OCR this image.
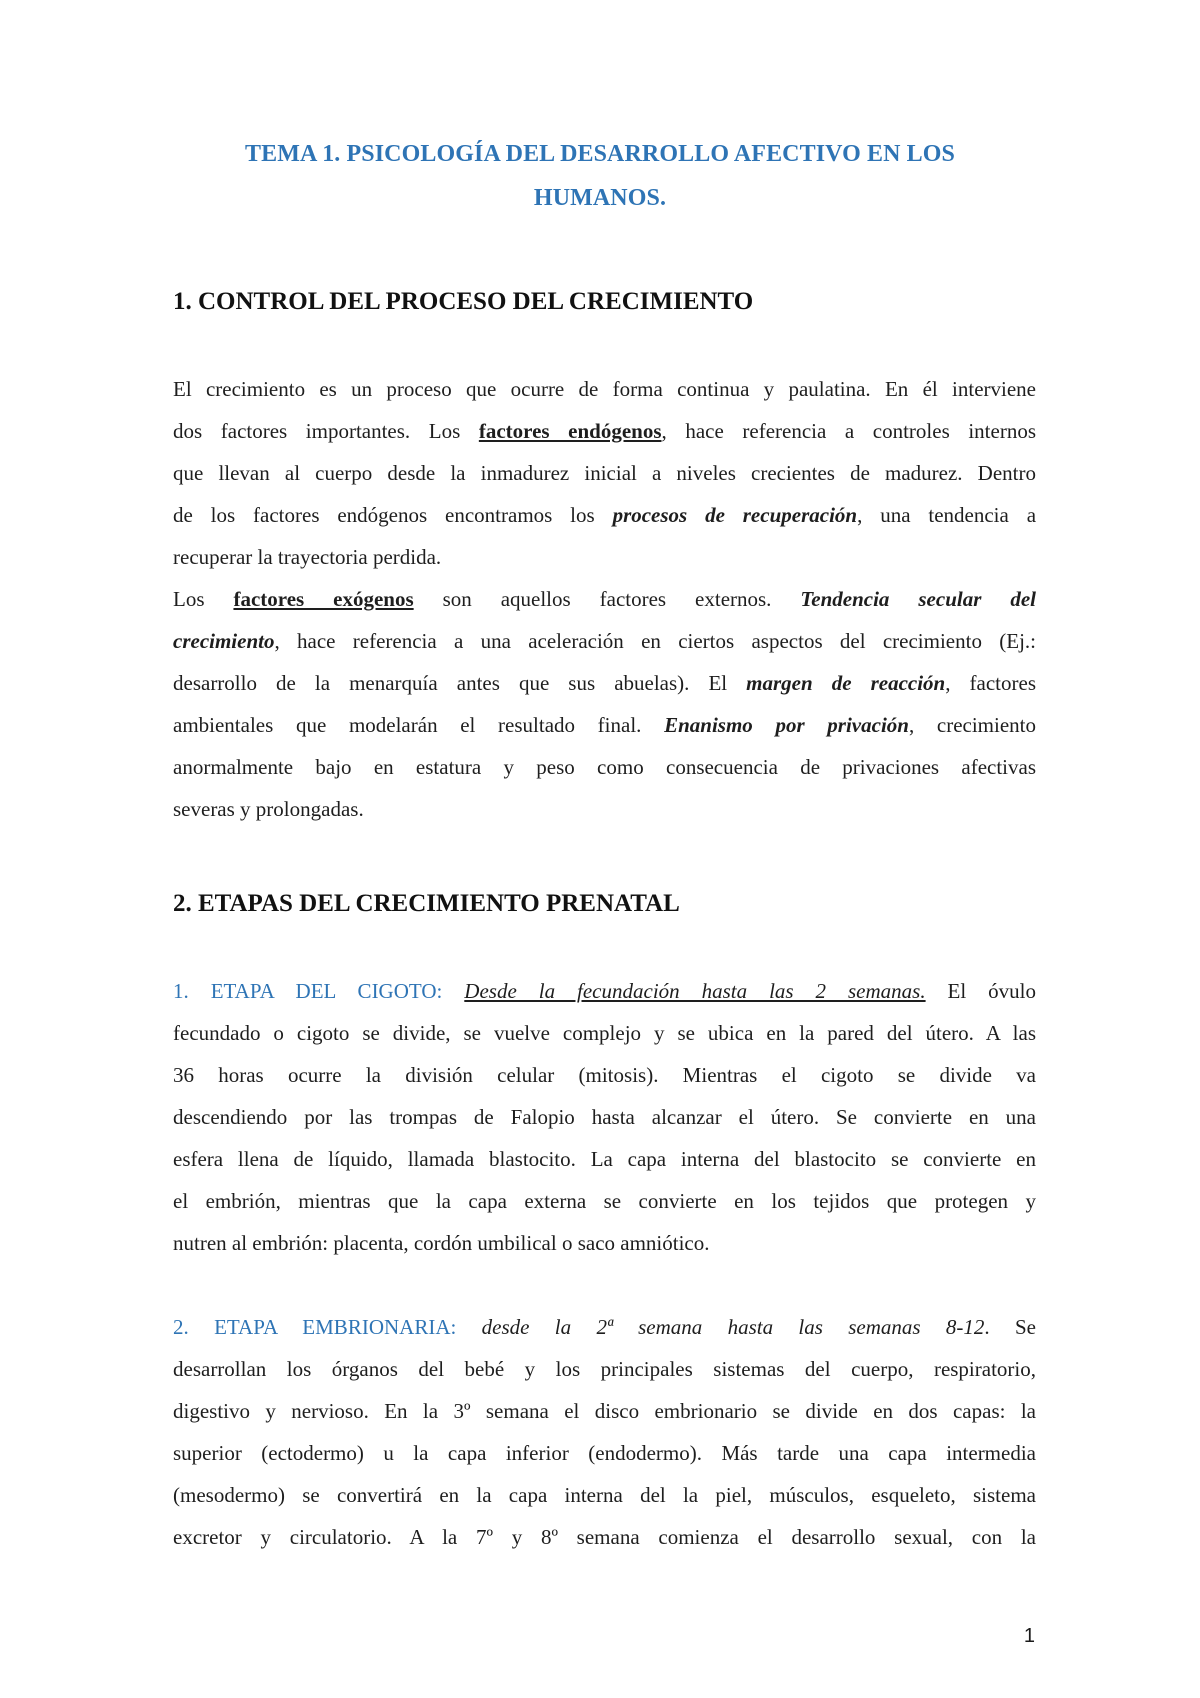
TEMA 1. PSICOLOGÍA DEL DESARROLLO AFECTIVO EN LOS
HUMANOS.
1. CONTROL DEL PROCESO DEL CRECIMIENTO
El crecimiento es un proceso que ocurre de forma continua y paulatina. En él interviene
dos factores importantes. Los factores endógenos, hace referencia a controles internos
que llevan al cuerpo desde la inmadurez inicial a niveles crecientes de madurez. Dentro
de los factores endógenos encontramos los procesos de recuperación, una tendencia a
recuperar la trayectoria perdida.
Los factores exógenos son aquellos factores externos. Tendencia secular del
crecimiento, hace referencia a una aceleración en ciertos aspectos del crecimiento (Ej.:
desarrollo de la menarquía antes que sus abuelas). El margen de reacción, factores
ambientales que modelarán el resultado final. Enanismo por privación, crecimiento
anormalmente bajo en estatura y peso como consecuencia de privaciones afectivas
severas y prolongadas.
2. ETAPAS DEL CRECIMIENTO PRENATAL
1. ETAPA DEL CIGOTO: Desde la fecundación hasta las 2 semanas. El óvulo
fecundado o cigoto se divide, se vuelve complejo y se ubica en la pared del útero. A las
36 horas ocurre la división celular (mitosis). Mientras el cigoto se divide va
descendiendo por las trompas de Falopio hasta alcanzar el útero. Se convierte en una
esfera llena de líquido, llamada blastocito. La capa interna del blastocito se convierte en
el embrión, mientras que la capa externa se convierte en los tejidos que protegen y
nutren al embrión: placenta, cordón umbilical o saco amniótico.
2. ETAPA EMBRIONARIA: desde la 2ª semana hasta las semanas 8-12. Se
desarrollan los órganos del bebé y los principales sistemas del cuerpo, respiratorio,
digestivo y nervioso. En la 3º semana el disco embrionario se divide en dos capas: la
superior (ectodermo) u la capa inferior (endodermo). Más tarde una capa intermedia
(mesodermo) se convertirá en la capa interna del la piel, músculos, esqueleto, sistema
excretor y circulatorio. A la 7º y 8º semana comienza el desarrollo sexual, con la
1
